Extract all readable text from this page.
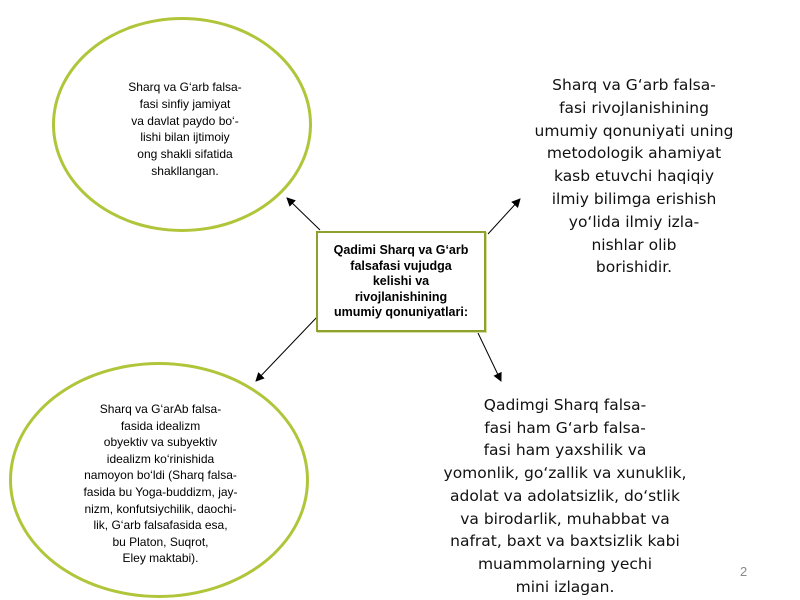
Sharq va G‘arb falsa-
fasi sinfiy jamiyat
va davlat paydo bo‘-
lishi bilan ijtimoiy
ong shakli sifatida
shakllangan.
Sharq va G‘arAb falsa-
fasida idealizm
obyektiv va subyektiv
idealizm ko‘rinishida
namoyon bo‘ldi (Sharq falsa-
fasida bu Yoga-buddizm, jay-
nizm, konfutsiychilik, daochi-
lik, G‘arb falsafasida esa,
bu Platon, Suqrot,
Eley maktabi).
Qadimi Sharq va G‘arb
falsafasi vujudga
kelishi va
rivojlanishining
umumiy qonuniyatlari:
Sharq va G‘arb falsa-
fasi rivojlanishining
umumiy qonuniyati uning
metodologik ahamiyat
kasb etuvchi haqiqiy
ilmiy bilimga erishish
yo‘lida ilmiy izla-
nishlar olib
borishidir.
Qadimgi Sharq falsa-
fasi ham G‘arb falsa-
fasi ham yaxshilik va
yomonlik, go‘zallik va xunuklik,
adolat va adolatsizlik, do‘stlik
va birodarlik, muhabbat va
nafrat, baxt va baxtsizlik kabi
muammolarning yechi
mini izlagan.
2
